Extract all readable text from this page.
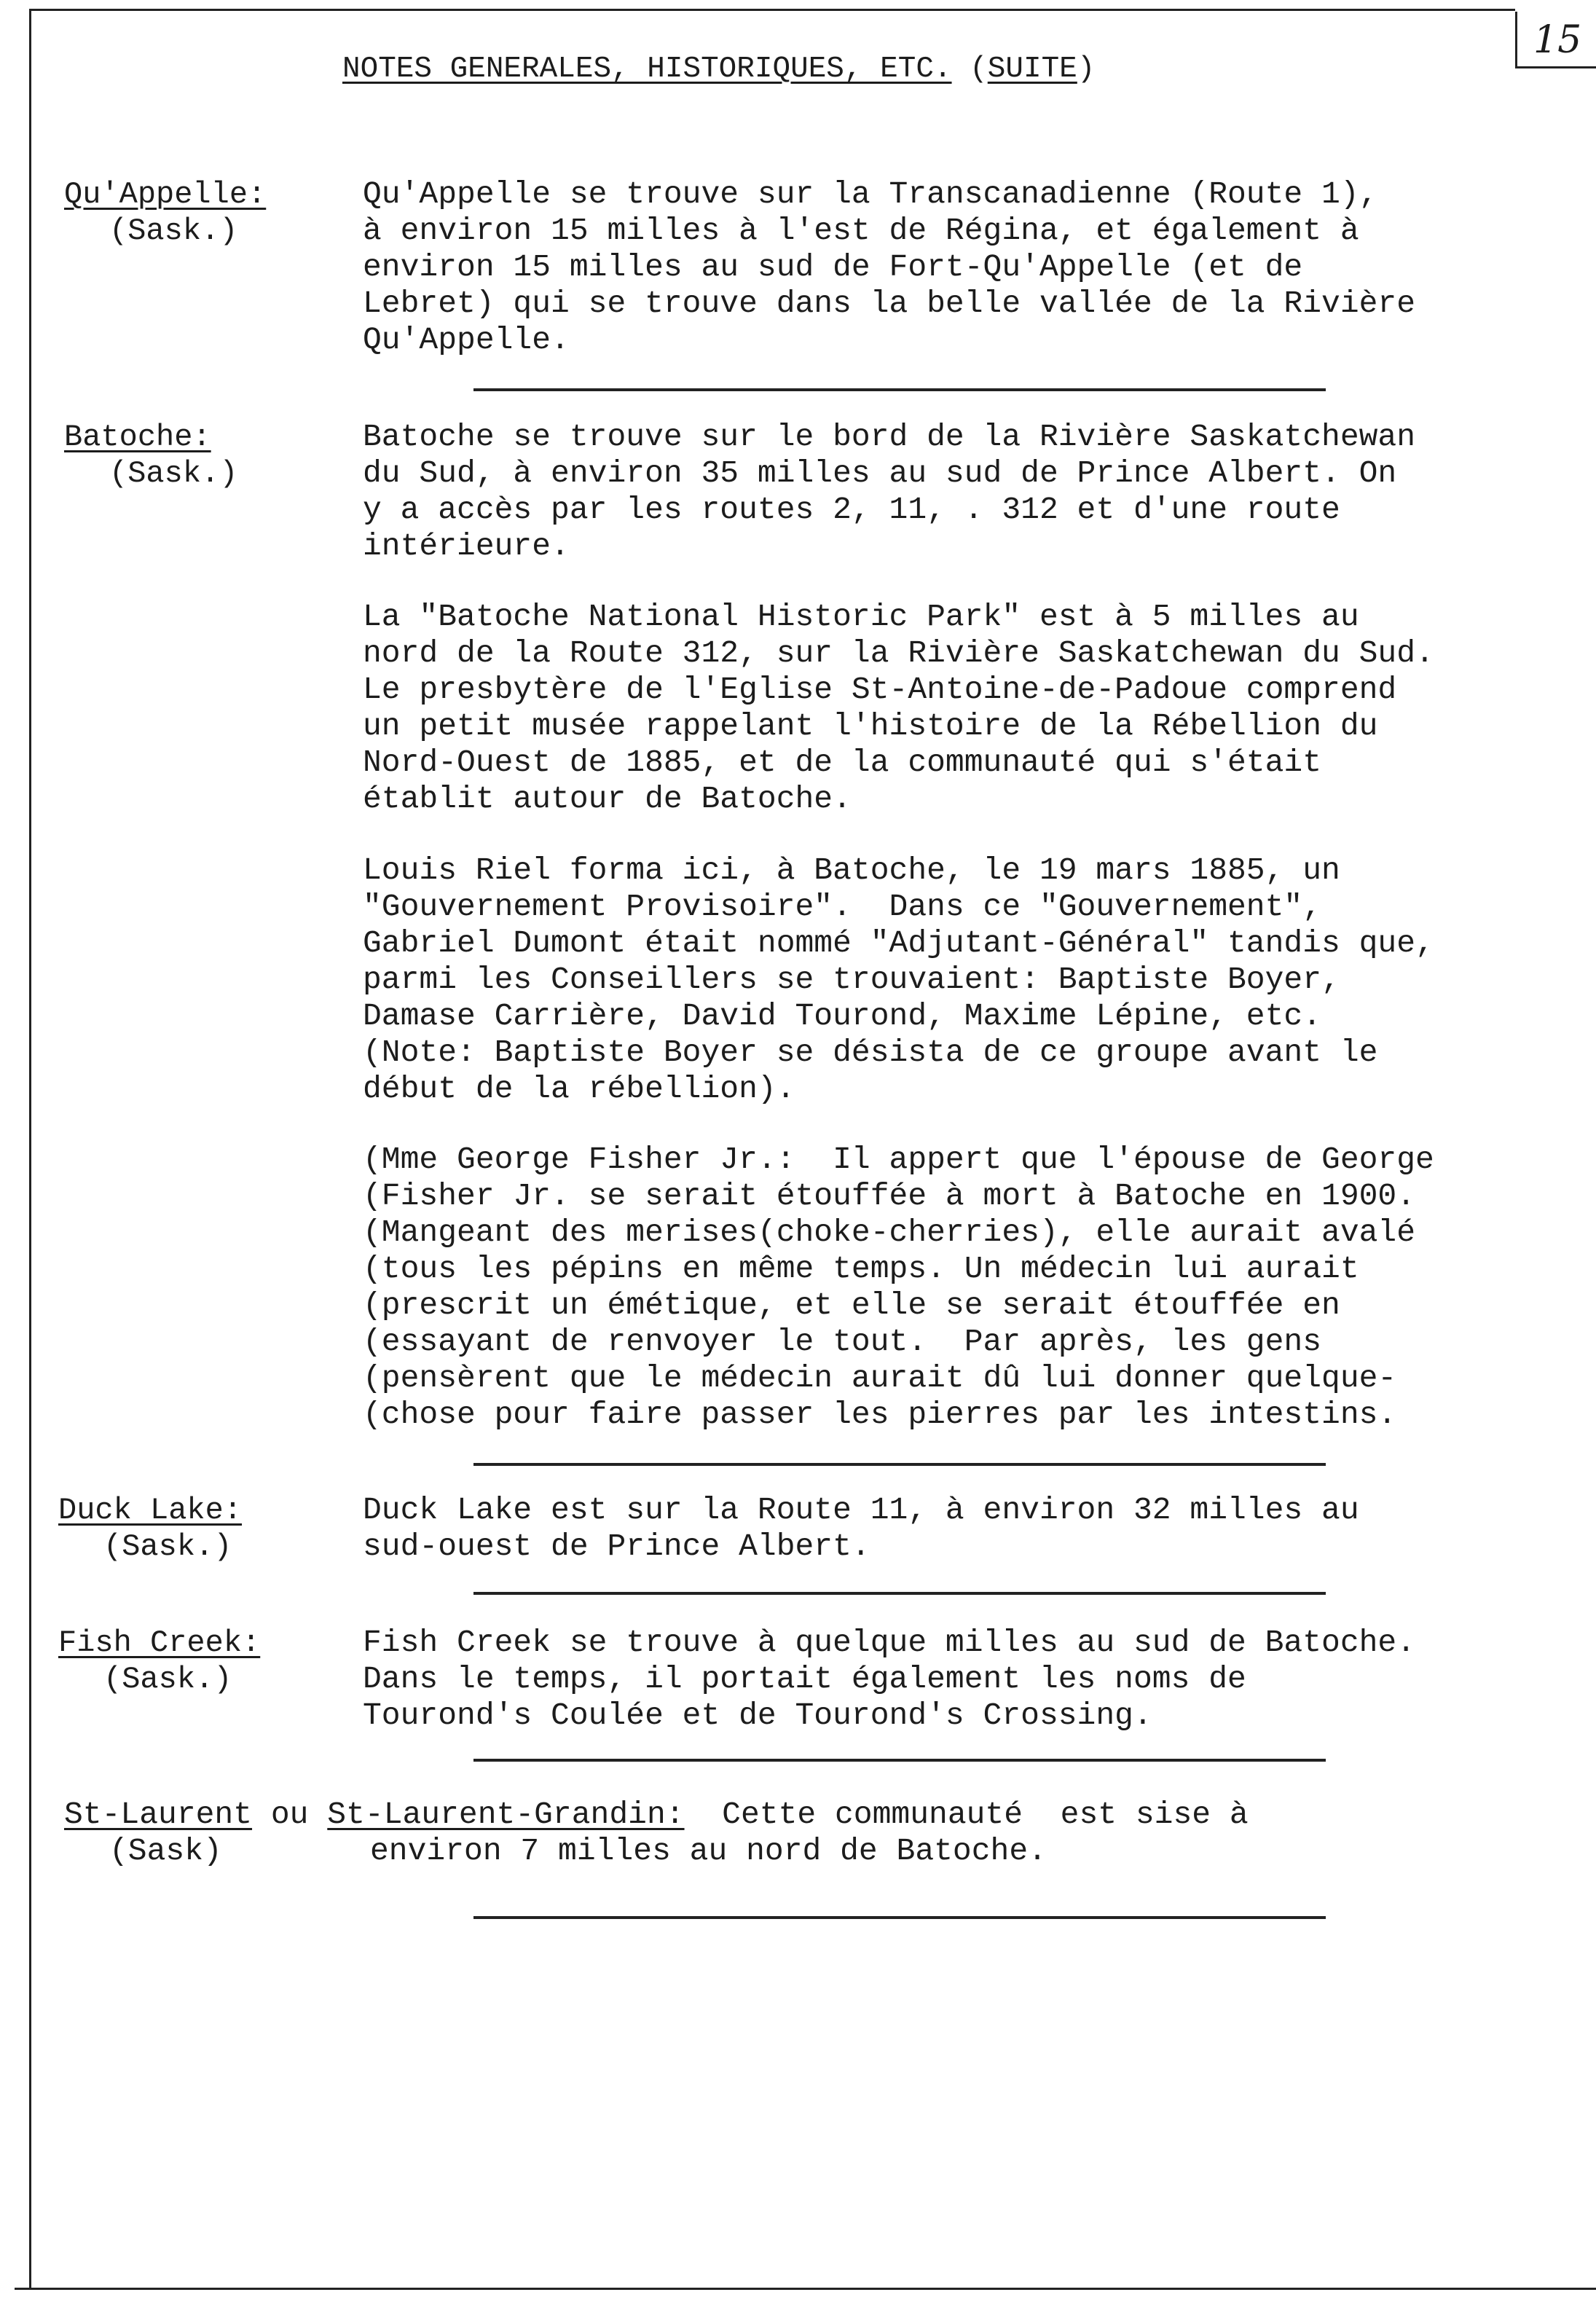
15
NOTES GENERALES, HISTORIQUES, ETC. (SUITE)
Qu'Appelle:
(Sask.)

Qu'Appelle se trouve sur la Transcanadienne (Route 1),
à environ 15 milles à l'est de Régina, et également à
environ 15 milles au sud de Fort-Qu'Appelle (et de
Lebret) qui se trouve dans la belle vallée de la Rivière
Qu'Appelle.

Batoche:
(Sask.)

Batoche se trouve sur le bord de la Rivière Saskatchewan
du Sud, à environ 35 milles au sud de Prince Albert. On
y a accès par les routes 2, 11, . 312 et d'une route
intérieure.

La "Batoche National Historic Park" est à 5 milles au
nord de la Route 312, sur la Rivière Saskatchewan du Sud.
Le presbytère de l'Eglise St-Antoine-de-Padoue comprend
un petit musée rappelant l'histoire de la Rébellion du
Nord-Ouest de 1885, et de la communauté qui s'était
établit autour de Batoche.

Louis Riel forma ici, à Batoche, le 19 mars 1885, un
"Gouvernement Provisoire".  Dans ce "Gouvernement",
Gabriel Dumont était nommé "Adjutant-Général" tandis que,
parmi les Conseillers se trouvaient: Baptiste Boyer,
Damase Carrière, David Tourond, Maxime Lépine, etc.
(Note: Baptiste Boyer se désista de ce groupe avant le
début de la rébellion).

(Mme George Fisher Jr.:  Il appert que l'épouse de George
(Fisher Jr. se serait étouffée à mort à Batoche en 1900.
(Mangeant des merises(choke-cherries), elle aurait avalé
(tous les pépins en même temps. Un médecin lui aurait
(prescrit un émétique, et elle se serait étouffée en
(essayant de renvoyer le tout.  Par après, les gens
(pensèrent que le médecin aurait dû lui donner quelque-
(chose pour faire passer les pierres par les intestins.

Duck Lake:
(Sask.)

Duck Lake est sur la Route 11, à environ 32 milles au
sud-ouest de Prince Albert.

Fish Creek:
(Sask.)

Fish Creek se trouve à quelque milles au sud de Batoche.
Dans le temps, il portait également les noms de
Tourond's Coulée et de Tourond's Crossing.

St-Laurent ou St-Laurent-Grandin:  Cette communauté  est sise à
(Sask)	environ 7 milles au nord de Batoche.
